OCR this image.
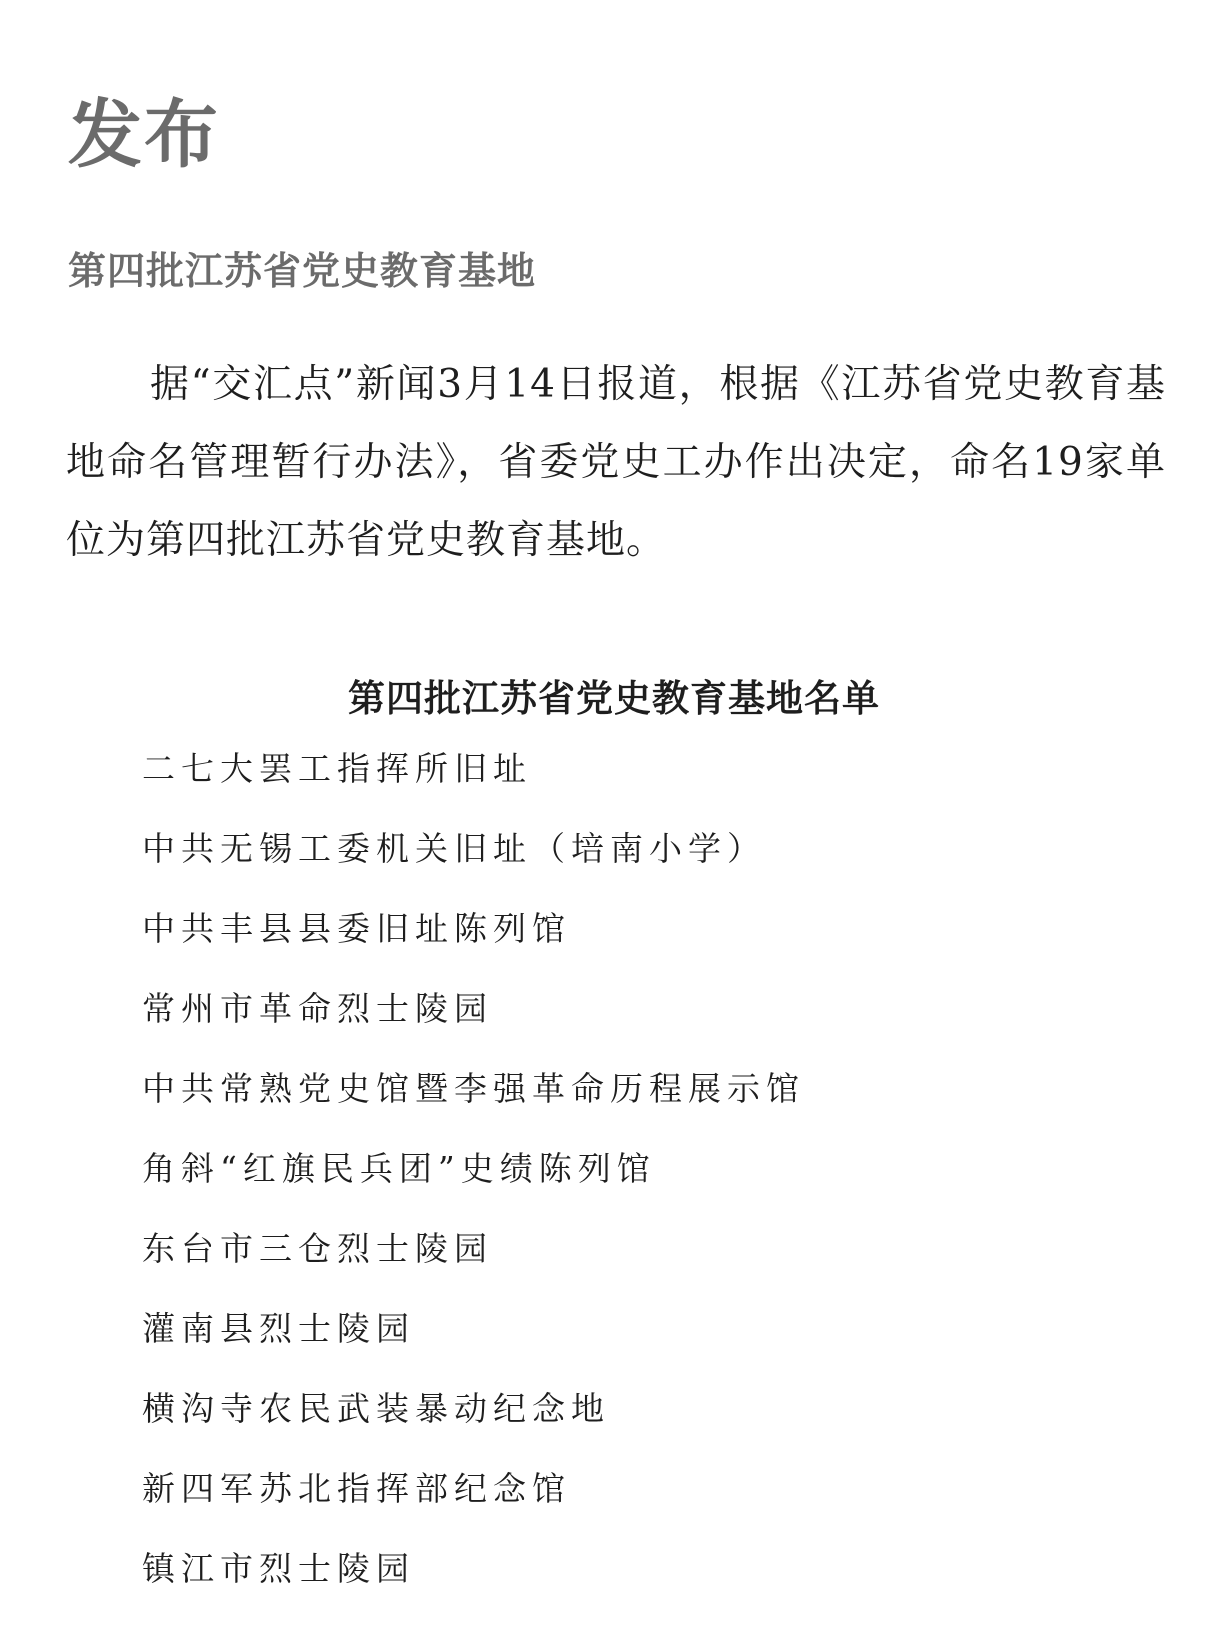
发布
第四批江苏省党史教育基地

据“交汇点”新闻3月14日报道，根据《江苏省党史教育基地命名管理暂行办法》，省委党史工办作出决定，命名19家单位为第四批江苏省党史教育基地。

第四批江苏省党史教育基地名单
二七大罢工指挥所旧址
中共无锡工委机关旧址（培南小学）
中共丰县县委旧址陈列馆
常州市革命烈士陵园
中共常熟党史馆暨李强革命历程展示馆
角斜“红旗民兵团”史绩陈列馆
东台市三仓烈士陵园
灌南县烈士陵园
横沟寺农民武装暴动纪念地
新四军苏北指挥部纪念馆
镇江市烈士陵园
